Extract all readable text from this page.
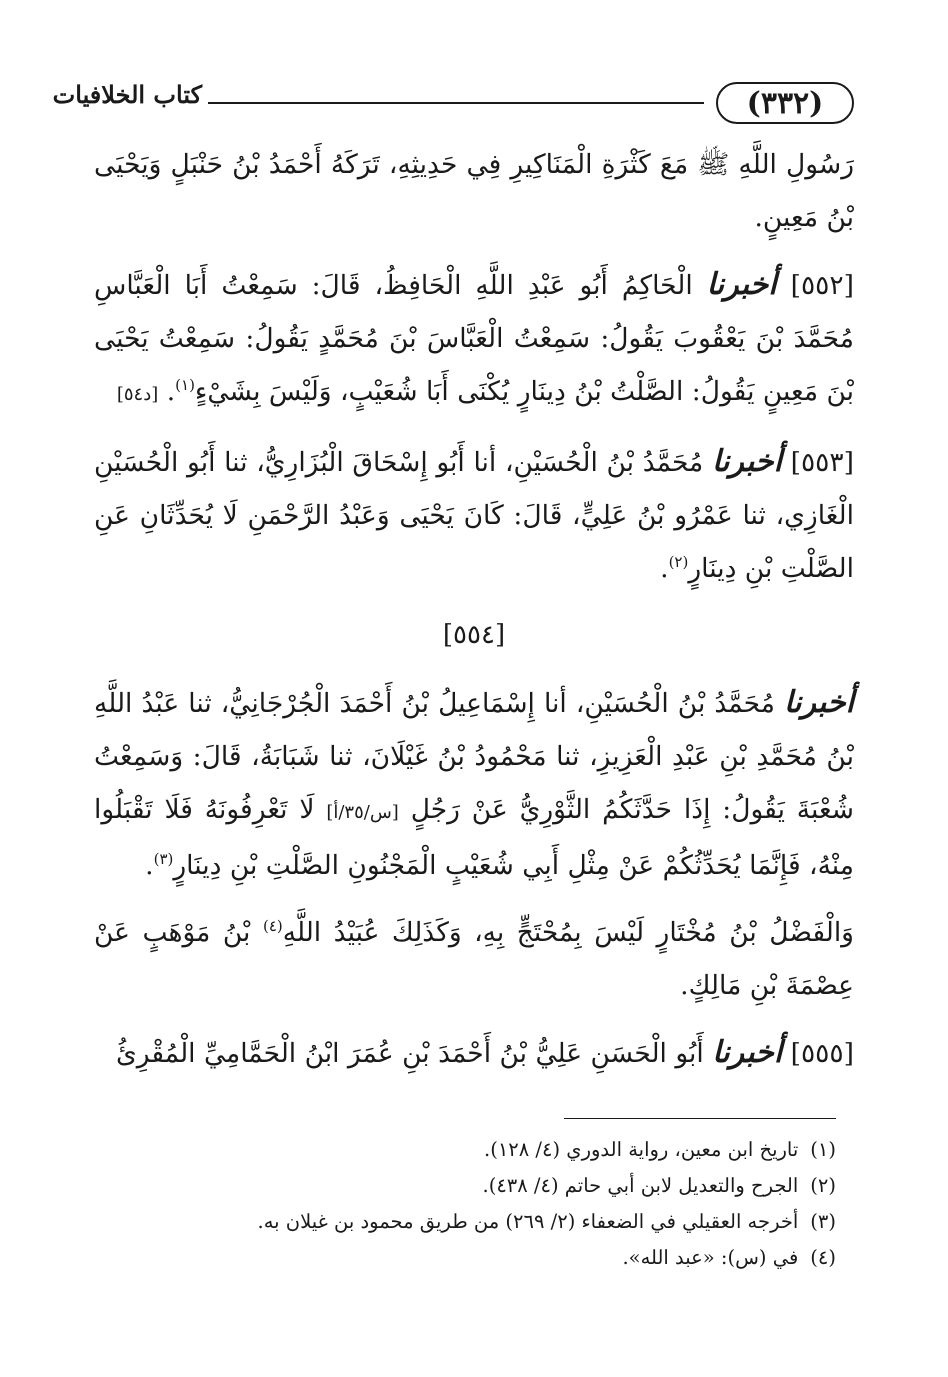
(٣٣٢)
كتاب الخلافيات

رَسُولِ اللَّهِ ﷺ مَعَ كَثْرَةِ الْمَنَاكِيرِ فِي حَدِيثِهِ، تَرَكَهُ أَحْمَدُ بْنُ حَنْبَلٍ وَيَحْيَى بْنُ مَعِينٍ.

[٥٥٢] أخبرنا الْحَاكِمُ أَبُو عَبْدِ اللَّهِ الْحَافِظُ، قَالَ: سَمِعْتُ أَبَا الْعَبَّاسِ مُحَمَّدَ بْنَ يَعْقُوبَ يَقُولُ: سَمِعْتُ الْعَبَّاسَ بْنَ مُحَمَّدٍ يَقُولُ: سَمِعْتُ يَحْيَى بْنَ مَعِينٍ يَقُولُ: الصَّلْتُ بْنُ دِينَارٍ يُكْنَى أَبَا شُعَيْبٍ، وَلَيْسَ بِشَيْءٍ$^{(١)}$. [د٥٤]

[٥٥٣] أخبرنا مُحَمَّدُ بْنُ الْحُسَيْنِ، أنا أَبُو إِسْحَاقَ الْبُزَارِيُّ، ثنا أَبُو الْحُسَيْنِ الْغَازِي، ثنا عَمْرُو بْنُ عَلِيٍّ، قَالَ: كَانَ يَحْيَى وَعَبْدُ الرَّحْمَنِ لَا يُحَدِّثَانِ عَنِ الصَّلْتِ بْنِ دِينَارٍ$^{(٢)}$.

[٥٥٤]

أخبرنا مُحَمَّدُ بْنُ الْحُسَيْنِ، أنا إِسْمَاعِيلُ بْنُ أَحْمَدَ الْجُرْجَانِيُّ، ثنا عَبْدُ اللَّهِ بْنُ مُحَمَّدِ بْنِ عَبْدِ الْعَزِيزِ، ثنا مَحْمُودُ بْنُ غَيْلَانَ، ثنا شَبَابَةُ، قَالَ: وَسَمِعْتُ شُعْبَةَ يَقُولُ: إِذَا حَدَّثَكُمُ الثَّوْرِيُّ عَنْ رَجُلٍ [س/٣٥/أ] لَا تَعْرِفُونَهُ فَلَا تَقْبَلُوا مِنْهُ، فَإِنَّمَا يُحَدِّثُكُمْ عَنْ مِثْلِ أَبِي شُعَيْبٍ الْمَجْنُونِ الصَّلْتِ بْنِ دِينَارٍ$^{(٣)}$.

وَالْفَضْلُ بْنُ مُخْتَارٍ لَيْسَ بِمُحْتَجٍّ بِهِ، وَكَذَلِكَ عُبَيْدُ اللَّهِ$^{(٤)}$ بْنُ مَوْهَبٍ عَنْ عِصْمَةَ بْنِ مَالِكٍ.

[٥٥٥] أخبرنا أَبُو الْحَسَنِ عَلِيُّ بْنُ أَحْمَدَ بْنِ عُمَرَ ابْنُ الْحَمَّامِيِّ الْمُقْرِئُ

(١)تاريخ ابن معين، رواية الدوري (٤/ ١٢٨).

(٢)الجرح والتعديل لابن أبي حاتم (٤/ ٤٣٨).

(٣)أخرجه العقيلي في الضعفاء (٢/ ٢٦٩) من طريق محمود بن غيلان به.

(٤)في (س): «عبد الله».
